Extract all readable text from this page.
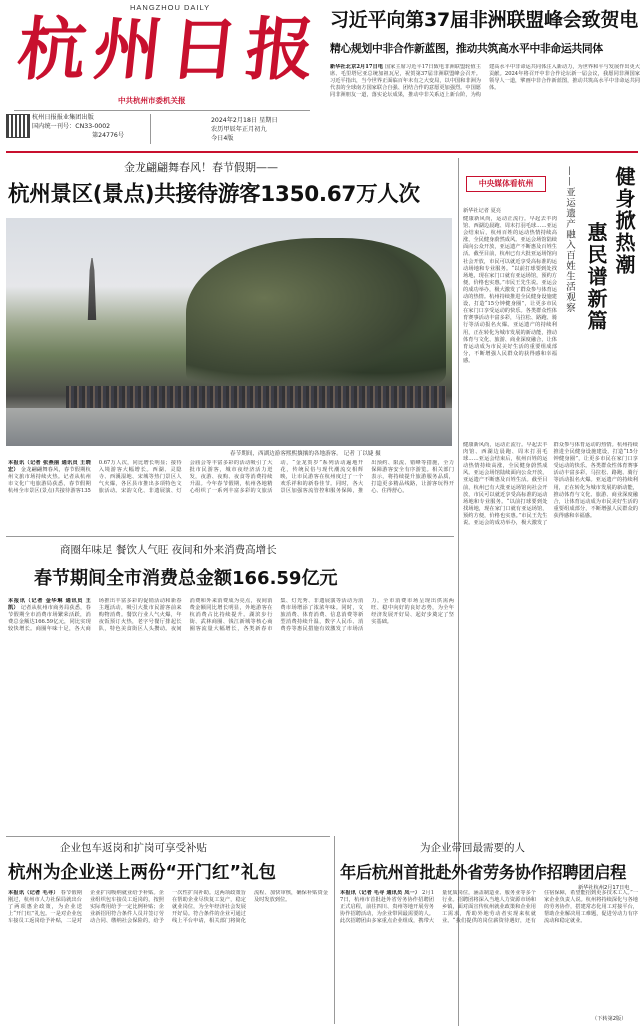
HANGZHOU DAILY
杭州日报
中共杭州市委机关报
杭州日报报业集团出版
国内统一刊号：CN33-0002
第24776号
2024年2月18日 星期日
农历甲辰年正月初九
今日4版
习近平向第37届非洲联盟峰会致贺电
精心规划中非合作新蓝图，推动共筑高水平中非命运共同体
新华社北京2月17日电 国家主席习近平17日致电非洲联盟轮值主席、毛里塔尼亚总统加祖瓦尼，祝贺第37届非洲联盟峰会召开。习近平指出，当今世界正面临百年未有之大变局，以中国和非洲为代表的全球南方国家联合自强、团结合作的意愿更加强烈。中国愿同非洲朋友一道，落实论坛成果，推动中非关系迈上新台阶，为构建高水平中非命运共同体注入新动力，为世界和平与发展作出更大贡献。2024年将召开中非合作论坛新一届会议，我愿同非洲国家领导人一道，擘画中非合作新蓝图，推动共筑高水平中非命运共同体。
金龙翩翩舞春风！春节假期——
杭州景区(景点)共接待游客1350.67万人次
春节期间，西湖边游客熙熙攘攘的各地游客。 记者 丁以婕 摄
本报讯（记者 张燕丽 通讯员 王晓宏） 金龙翩翩舞春风，春节假期杭州文旅市场持续火热。记者从杭州市文化广电旅游局获悉，春节假期杭州全市景区(景点)共接待游客1350.67万人次，同比增长明显；接待入境游客大幅增长。西湖、灵隐寺、西溪湿地、宋城等热门景区人气火爆，各区县市推出多项特色文旅活动。宋韵文化、非遗展演、灯会庙会等丰富多彩的活动吸引了大批市民游客，城市夜经济活力迸发，夜游、夜购、夜食等消费持续升温。今年春节假期，杭州各地精心组织了一系列丰富多彩的文旅活动，“金龙贺岁”系列活动遍地开花，传统民俗与现代潮流交相辉映，让市民游客在杭州度过了一个欢乐祥和的新春佳节。同时，各大景区加强客流管控和服务保障，推出预约、限流、错峰等措施，全力保障游客安全有序游览。相关部门表示，将持续提升旅游服务品质，打造更多精品线路，让游客玩得开心、住得舒心。
中央媒体看杭州
新华社记者 夏亮	健身掀热潮
惠民谱新篇
——亚运遗产融入百姓生活观察
健康新风尚，运动正流行。早起去羊肉馆、西湖边晨跑、周末打羽毛球……亚运会结束后，杭州百姓的运动热情持续高涨，全民健身蔚然成风。亚运会场馆陆续面向公众开放，亚运遗产不断惠及百姓生活。截至目前，杭州已有大批亚运场馆向社会开放，市民可以就近享受高标准的运动场地和专业服务。“以前打球要到处找场地，现在家门口就有亚运场馆，预约方便，价格也实惠。”市民王先生说。亚运会的成功举办，极大激发了群众参与体育运动的热情。杭州持续推进全民健身设施建设，打造“15分钟健身圈”，让更多市民在家门口享受运动的快乐。各类群众性体育赛事活动丰富多彩，马拉松、路跑、骑行等活动报名火爆。亚运遗产的持续利用，正在转化为城市发展的新动能，推动体育与文化、旅游、商业深度融合，让体育运动成为市民美好生活的重要组成部分，不断增强人民群众的获得感和幸福感。
健康新风尚，运动正流行。早起去羊肉馆、西湖边晨跑、周末打羽毛球……亚运会结束后，杭州百姓的运动热情持续高涨，全民健身蔚然成风。亚运会场馆陆续面向公众开放，亚运遗产不断惠及百姓生活。截至目前，杭州已有大批亚运场馆向社会开放，市民可以就近享受高标准的运动场地和专业服务。“以前打球要到处找场地，现在家门口就有亚运场馆，预约方便，价格也实惠。”市民王先生说。亚运会的成功举办，极大激发了群众参与体育运动的热情。杭州持续推进全民健身设施建设，打造“15分钟健身圈”，让更多市民在家门口享受运动的快乐。各类群众性体育赛事活动丰富多彩，马拉松、路跑、骑行等活动报名火爆。亚运遗产的持续利用，正在转化为城市发展的新动能，推动体育与文化、旅游、商业深度融合，让体育运动成为市民美好生活的重要组成部分，不断增强人民群众的获得感和幸福感。
新华社杭州2月17日电
商圈年味足 餐饮人气旺 夜间和外来消费高增长
春节期间全市消费总金额166.59亿元
本报讯（记者 金华琳 通讯员 王凯） 记者从杭州市商务局获悉，春节假期全市消费市场繁荣活跃，消费总金额达166.59亿元，同比实现较快增长。商圈年味十足，各大商场推出丰富多彩的促销活动和新春主题活动，吸引大批市民游客前来购物消费。餐饮行业人气火爆，年夜饭预订火热，老字号餐厅排起长队，特色美食街区人头攒动。夜间消费和外来消费成为亮点，夜间消费金额同比增长明显，外地游客在杭消费占比持续提升。湖滨步行街、武林商圈、钱江新城等核心商圈客流量大幅增长，各类新春市集、灯光秀、非遗展演等活动为消费市场增添了浓浓年味。同时，文旅消费、体育消费、信息消费等新型消费持续升温，数字人民币、消费券等惠民措施有效激发了市场活力，全市消费市场呈现出供需两旺、稳中向好的良好态势，为全年经济发展开好局、起好步奠定了坚实基础。
企业包车返岗和扩岗可享受补贴
杭州为企业送上两份“开门红”礼包
本报讯（记者 毛寻） 春节假期刚过，杭州市人力社保局就出台了两项惠企政策，为企业送上“开门红”礼包。一是对企业包车接员工返岗给予补贴，二是对企业扩岗吸纳就业给予补贴。企业组织包车接员工返岗的，按照实际费用给予一定比例补贴；企业新招用符合条件人员并签订劳动合同、缴纳社会保险的，给予一次性扩岗补助。这两项政策旨在帮助企业尽快复工复产，稳定就业岗位，为全年经济社会发展开好局。符合条件的企业可通过线上平台申请，相关部门将简化流程、加快审核，确保补贴资金及时发放到位。
为企业带回最需要的人
年后杭州首批赴外省劳务协作招聘团启程
本报讯（记者 毛寻 通讯员 凤一） 2月17日，杭州市首批赴外省劳务协作招聘团正式启程，前往四川、贵州等地开展劳务协作招聘活动，为企业带回最需要的人。此次招聘团由多家重点企业组成，携带大量优质岗位，涵盖制造业、服务业等多个行业。招聘团将深入当地人力资源市场和乡镇，面对面宣传杭州就业政策和企业用工需求，帮助外地劳动者实现来杭就业。“我们提供的岗位薪资待遇好，还有住宿保障，希望能招到更多技术工人。”一家企业负责人说。杭州将持续深化与各地的劳务协作，搭建常态化用工对接平台，帮助企业解决用工难题，促进劳动力有序流动和稳定就业。
（下转第2版）
